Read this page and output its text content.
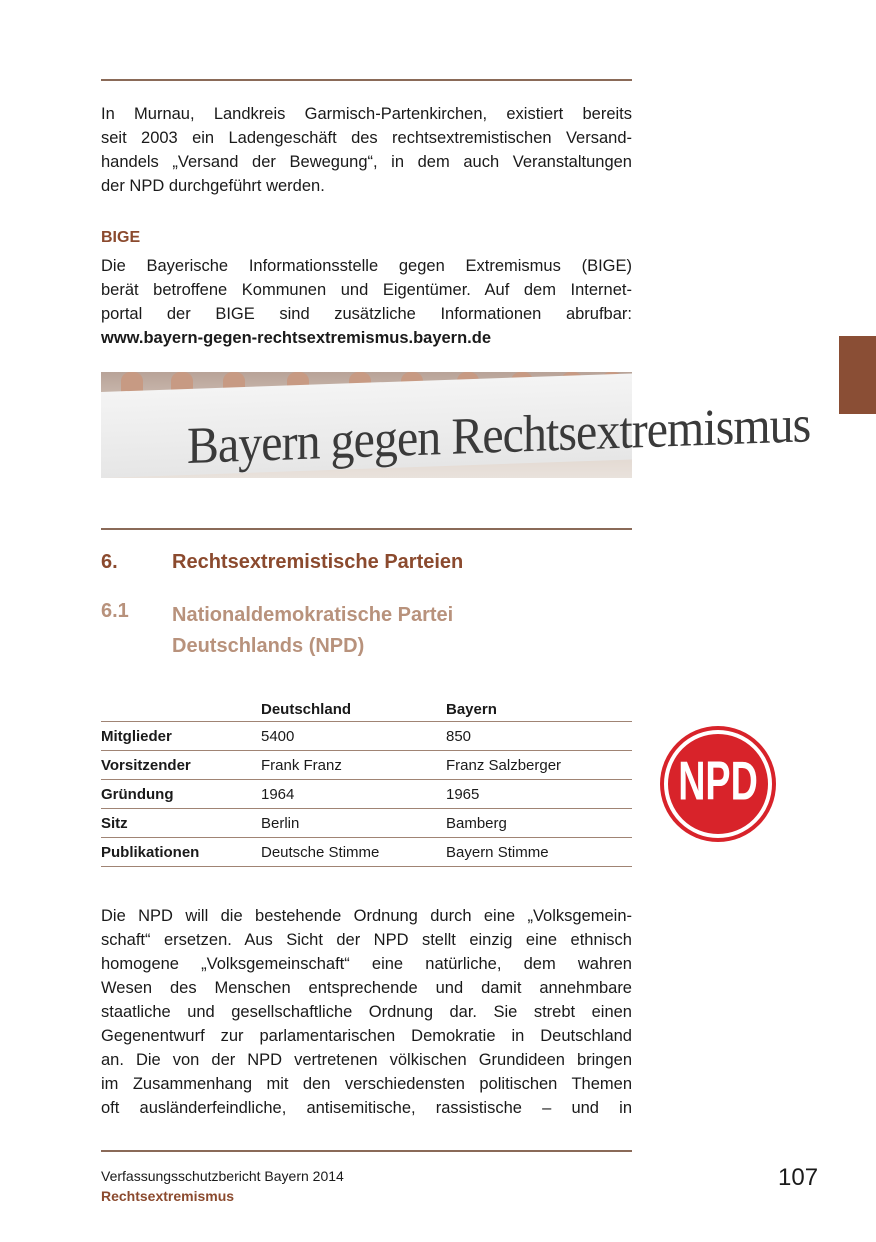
In Murnau, Landkreis Garmisch-Partenkirchen, existiert bereits

seit 2003 ein Ladengeschäft des rechtsextremistischen Versand-

handels „Versand der Bewegung“, in dem auch Veranstaltungen

der NPD durchgeführt werden.

BIGE

Die Bayerische Informationsstelle gegen Extremismus (BIGE)

berät betroffene Kommunen und Eigentümer. Auf dem Internet-

portal der BIGE sind zusätzliche Informationen abrufbar:

www.bayern-gegen-rechtsextremismus.bayern.de

Bayern gegen Rechtsextremismus
6.	Rechtsextremistische Parteien
6.1 Nationaldemokratische Partei
Deutschlands (NPD)
	Deutschland	Bayern
Mitglieder	5400	850
Vorsitzender	Frank Franz	Franz Salzberger
Gründung	1964	1965
Sitz	Berlin	Bamberg
Publikationen	Deutsche Stimme	Bayern Stimme
NPD

Die NPD will die bestehende Ordnung durch eine „Volksgemein-

schaft“ ersetzen. Aus Sicht der NPD stellt einzig eine ethnisch

homogene „Volksgemeinschaft“ eine natürliche, dem wahren

Wesen des Menschen entsprechende und damit annehmbare

staatliche und gesellschaftliche Ordnung dar. Sie strebt einen

Gegenentwurf zur parlamentarischen Demokratie in Deutschland

an. Die von der NPD vertretenen völkischen Grundideen bringen

im Zusammenhang mit den verschiedensten politischen Themen

oft ausländerfeindliche, antisemitische, rassistische – und in

Verfassungsschutzbericht Bayern 2014
Rechtsextremismus
107
